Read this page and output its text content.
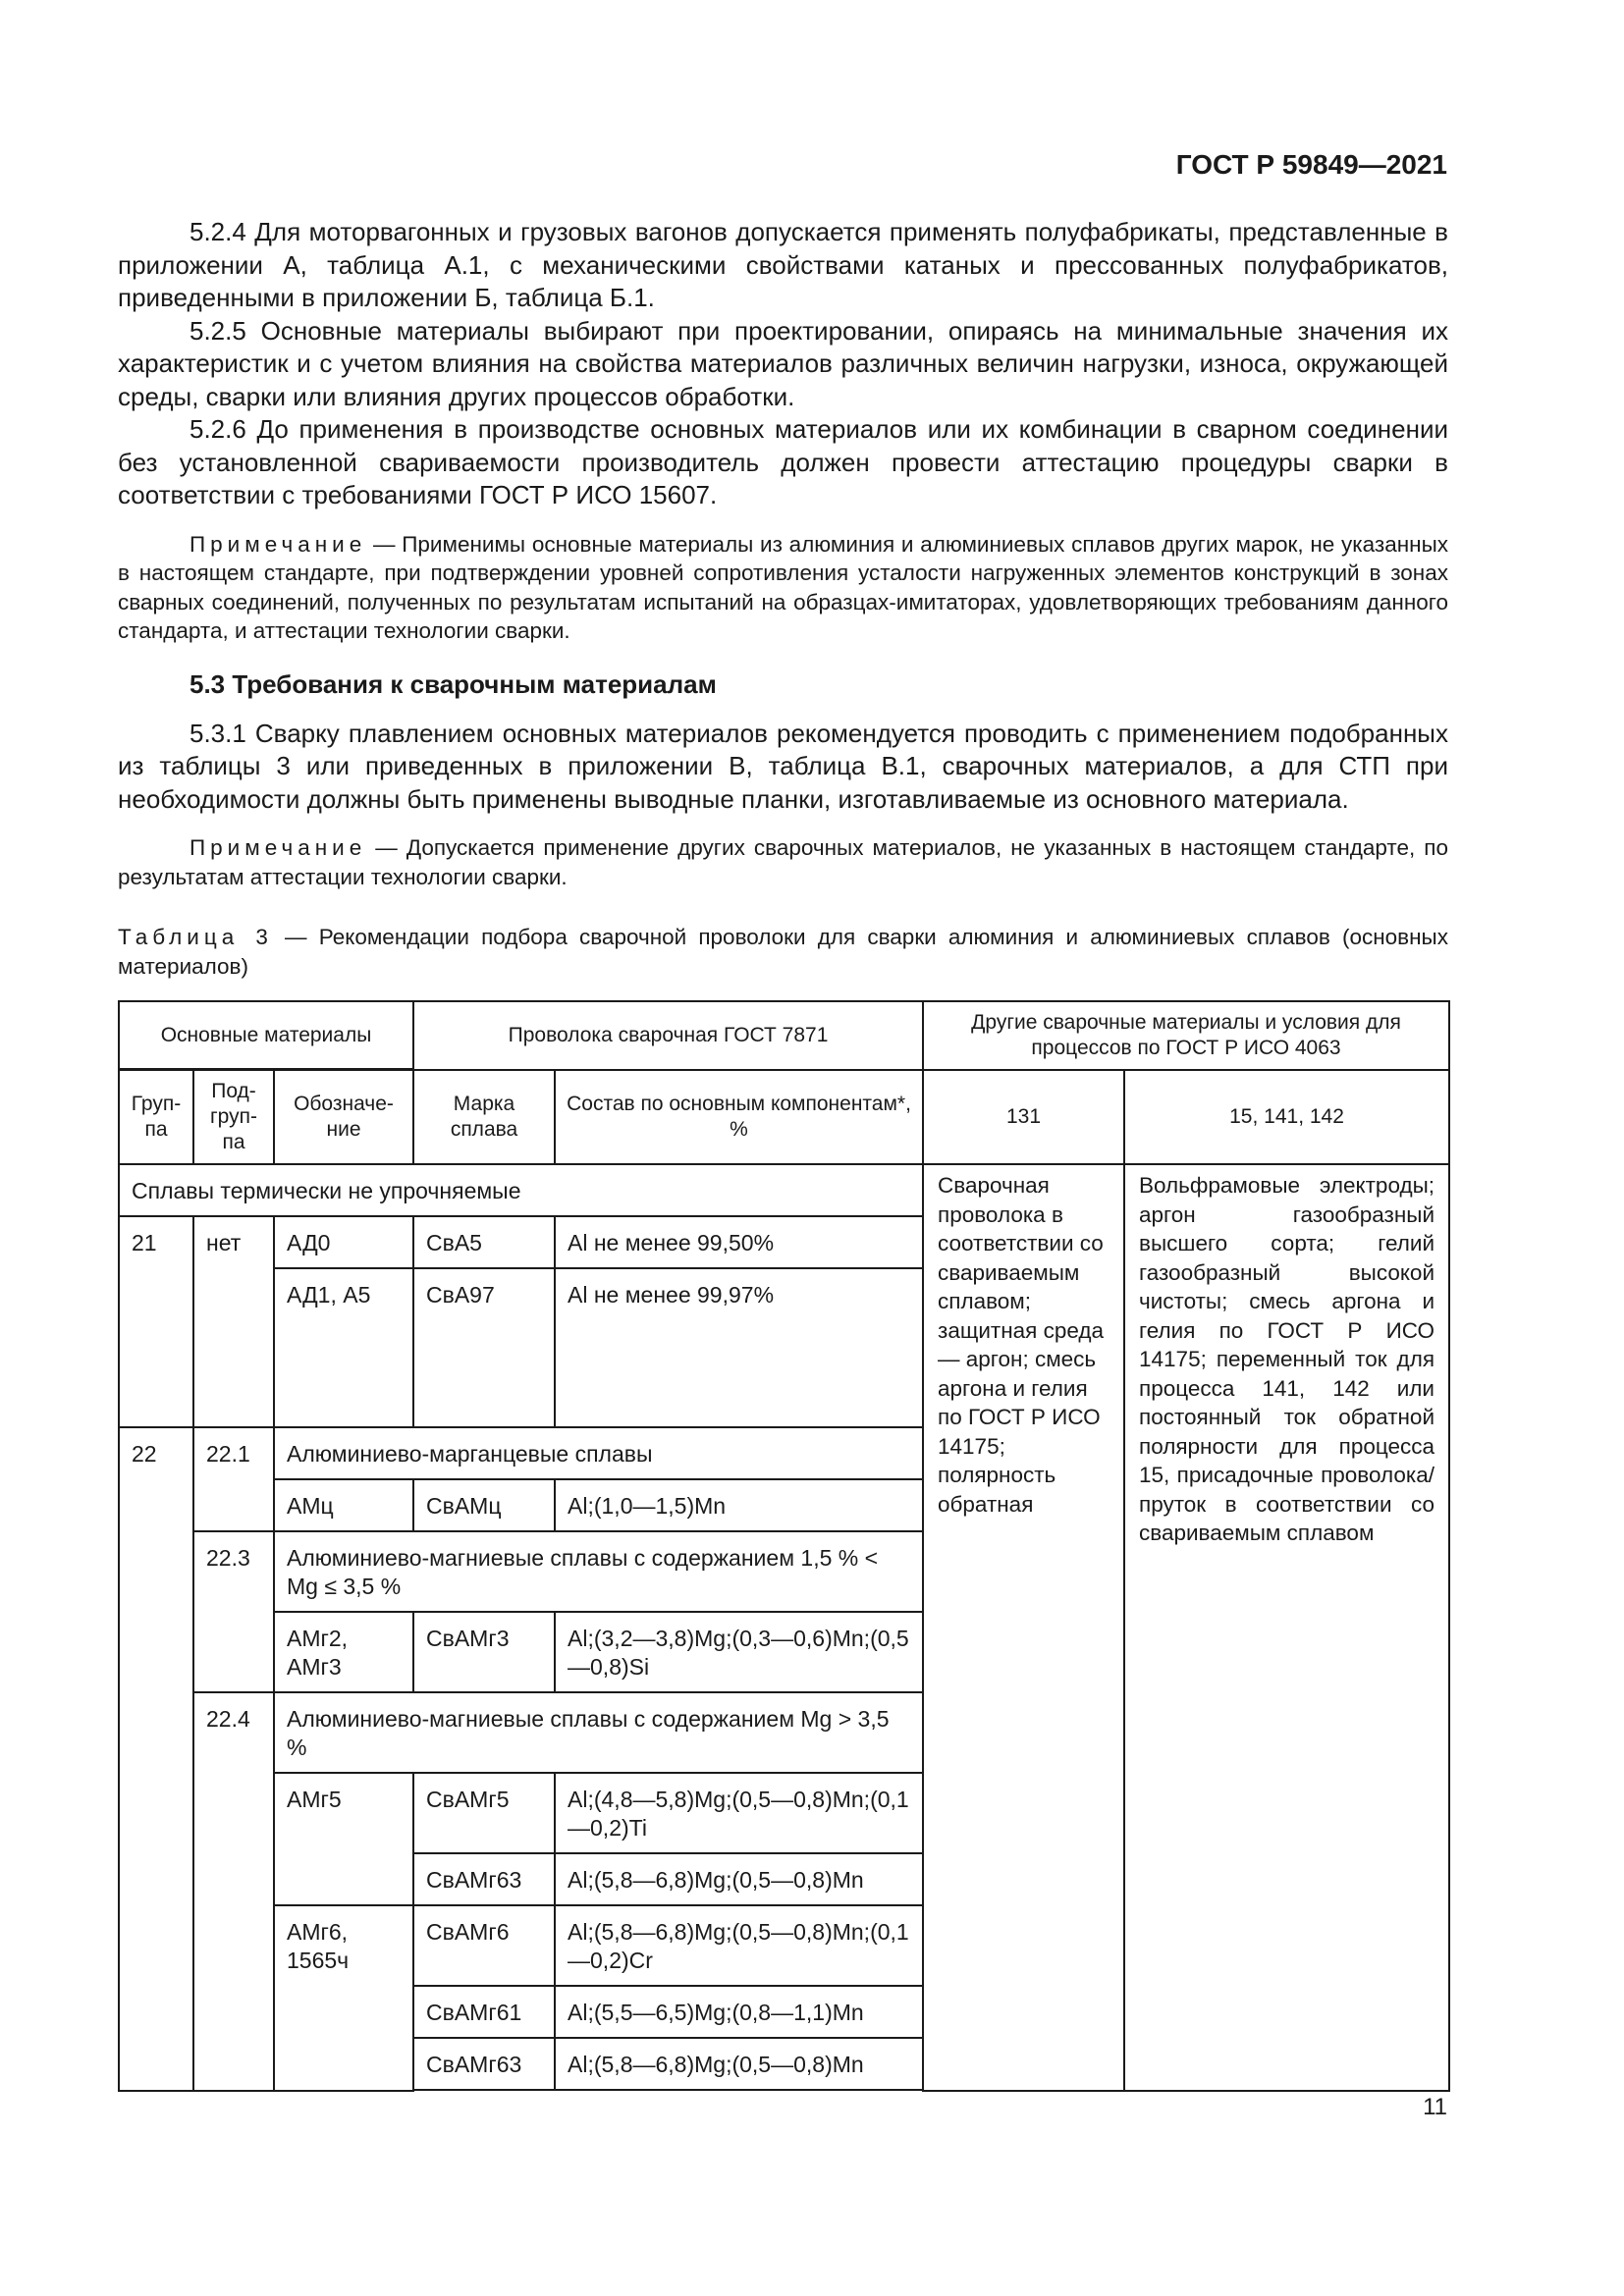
ГОСТ Р 59849—2021

5.2.4 Для моторвагонных и грузовых вагонов допускается применять полуфабрикаты, представленные в приложении А, таблица А.1, с механическими свойствами катаных и прессованных полуфабрикатов, приведенными в приложении Б, таблица Б.1.

5.2.5 Основные материалы выбирают при проектировании, опираясь на минимальные значения их характеристик и с учетом влияния на свойства материалов различных величин нагрузки, износа, окружающей среды, сварки или влияния других процессов обработки.

5.2.6 До применения в производстве основных материалов или их комбинации в сварном соединении без установленной свариваемости производитель должен провести аттестацию процедуры сварки в соответствии с требованиями ГОСТ Р ИСО 15607.

Примечание — Применимы основные материалы из алюминия и алюминиевых сплавов других марок, не указанных в настоящем стандарте, при подтверждении уровней сопротивления усталости нагруженных элементов конструкций в зонах сварных соединений, полученных по результатам испытаний на образцах-имитаторах, удовлетворяющих требованиям данного стандарта, и аттестации технологии сварки.

5.3 Требования к сварочным материалам

5.3.1 Сварку плавлением основных материалов рекомендуется проводить с применением подобранных из таблицы 3 или приведенных в приложении В, таблица В.1, сварочных материалов, а для СТП при необходимости должны быть применены выводные планки, изготавливаемые из основного материала.

Примечание — Допускается применение других сварочных материалов, не указанных в настоящем стандарте, по результатам аттестации технологии сварки.

Таблица 3 — Рекомендации подбора сварочной проволоки для сварки алюминия и алюминиевых сплавов (основных материалов)
Основные материалы			Проволока сварочная ГОСТ 7871		Другие сварочные материалы и условия для процессов по ГОСТ Р ИСО 4063	

Груп-па	Под-груп-па	Обозначе-ние	Марка сплава	Состав по основным компонентам*, %	131	15, 141, 142
Сплавы термически не упрочняемые					Сварочная проволока в соответствии со свариваемым сплавом; защитная среда — аргон; смесь аргона и гелия по ГОСТ Р ИСО 14175; полярность обратная	Вольфрамовые электроды; аргон газообразный высшего сорта; гелий газообразный высокой чистоты; смесь аргона и гелия по ГОСТ Р ИСО 14175; переменный ток для процесса 141, 142 или постоянный ток обратной полярности для процесса 15, присадочные проволока/пруток в соответствии со свариваемым сплавом
21	нет	АД0	СвА5	Al не менее 99,50%		
		АД1, А5	СвА97	Al не менее 99,97%		
22	22.1	Алюминиево-марганцевые сплавы				
		АМц	СвАМц	Al;(1,0—1,5)Mn		
	22.3	Алюминиево-магниевые сплавы с содержанием 1,5 % < Mg ≤ 3,5 %				
		АМг2, АМг3	СвАМг3	Al;(3,2—3,8)Mg;(0,3—0,6)Mn;(0,5—0,8)Si		
	22.4	Алюминиево-магниевые сплавы с содержанием Mg > 3,5 %				
		АМг5	СвАМг5	Al;(4,8—5,8)Mg;(0,5—0,8)Mn;(0,1—0,2)Ti		
			СвАМг63	Al;(5,8—6,8)Mg;(0,5—0,8)Mn		
		АМг6, 1565ч	СвАМг6	Al;(5,8—6,8)Mg;(0,5—0,8)Mn;(0,1—0,2)Cr		
			СвАМг61	Al;(5,5—6,5)Mg;(0,8—1,1)Mn		
			СвАМг63	Al;(5,8—6,8)Mg;(0,5—0,8)Mn		

11
